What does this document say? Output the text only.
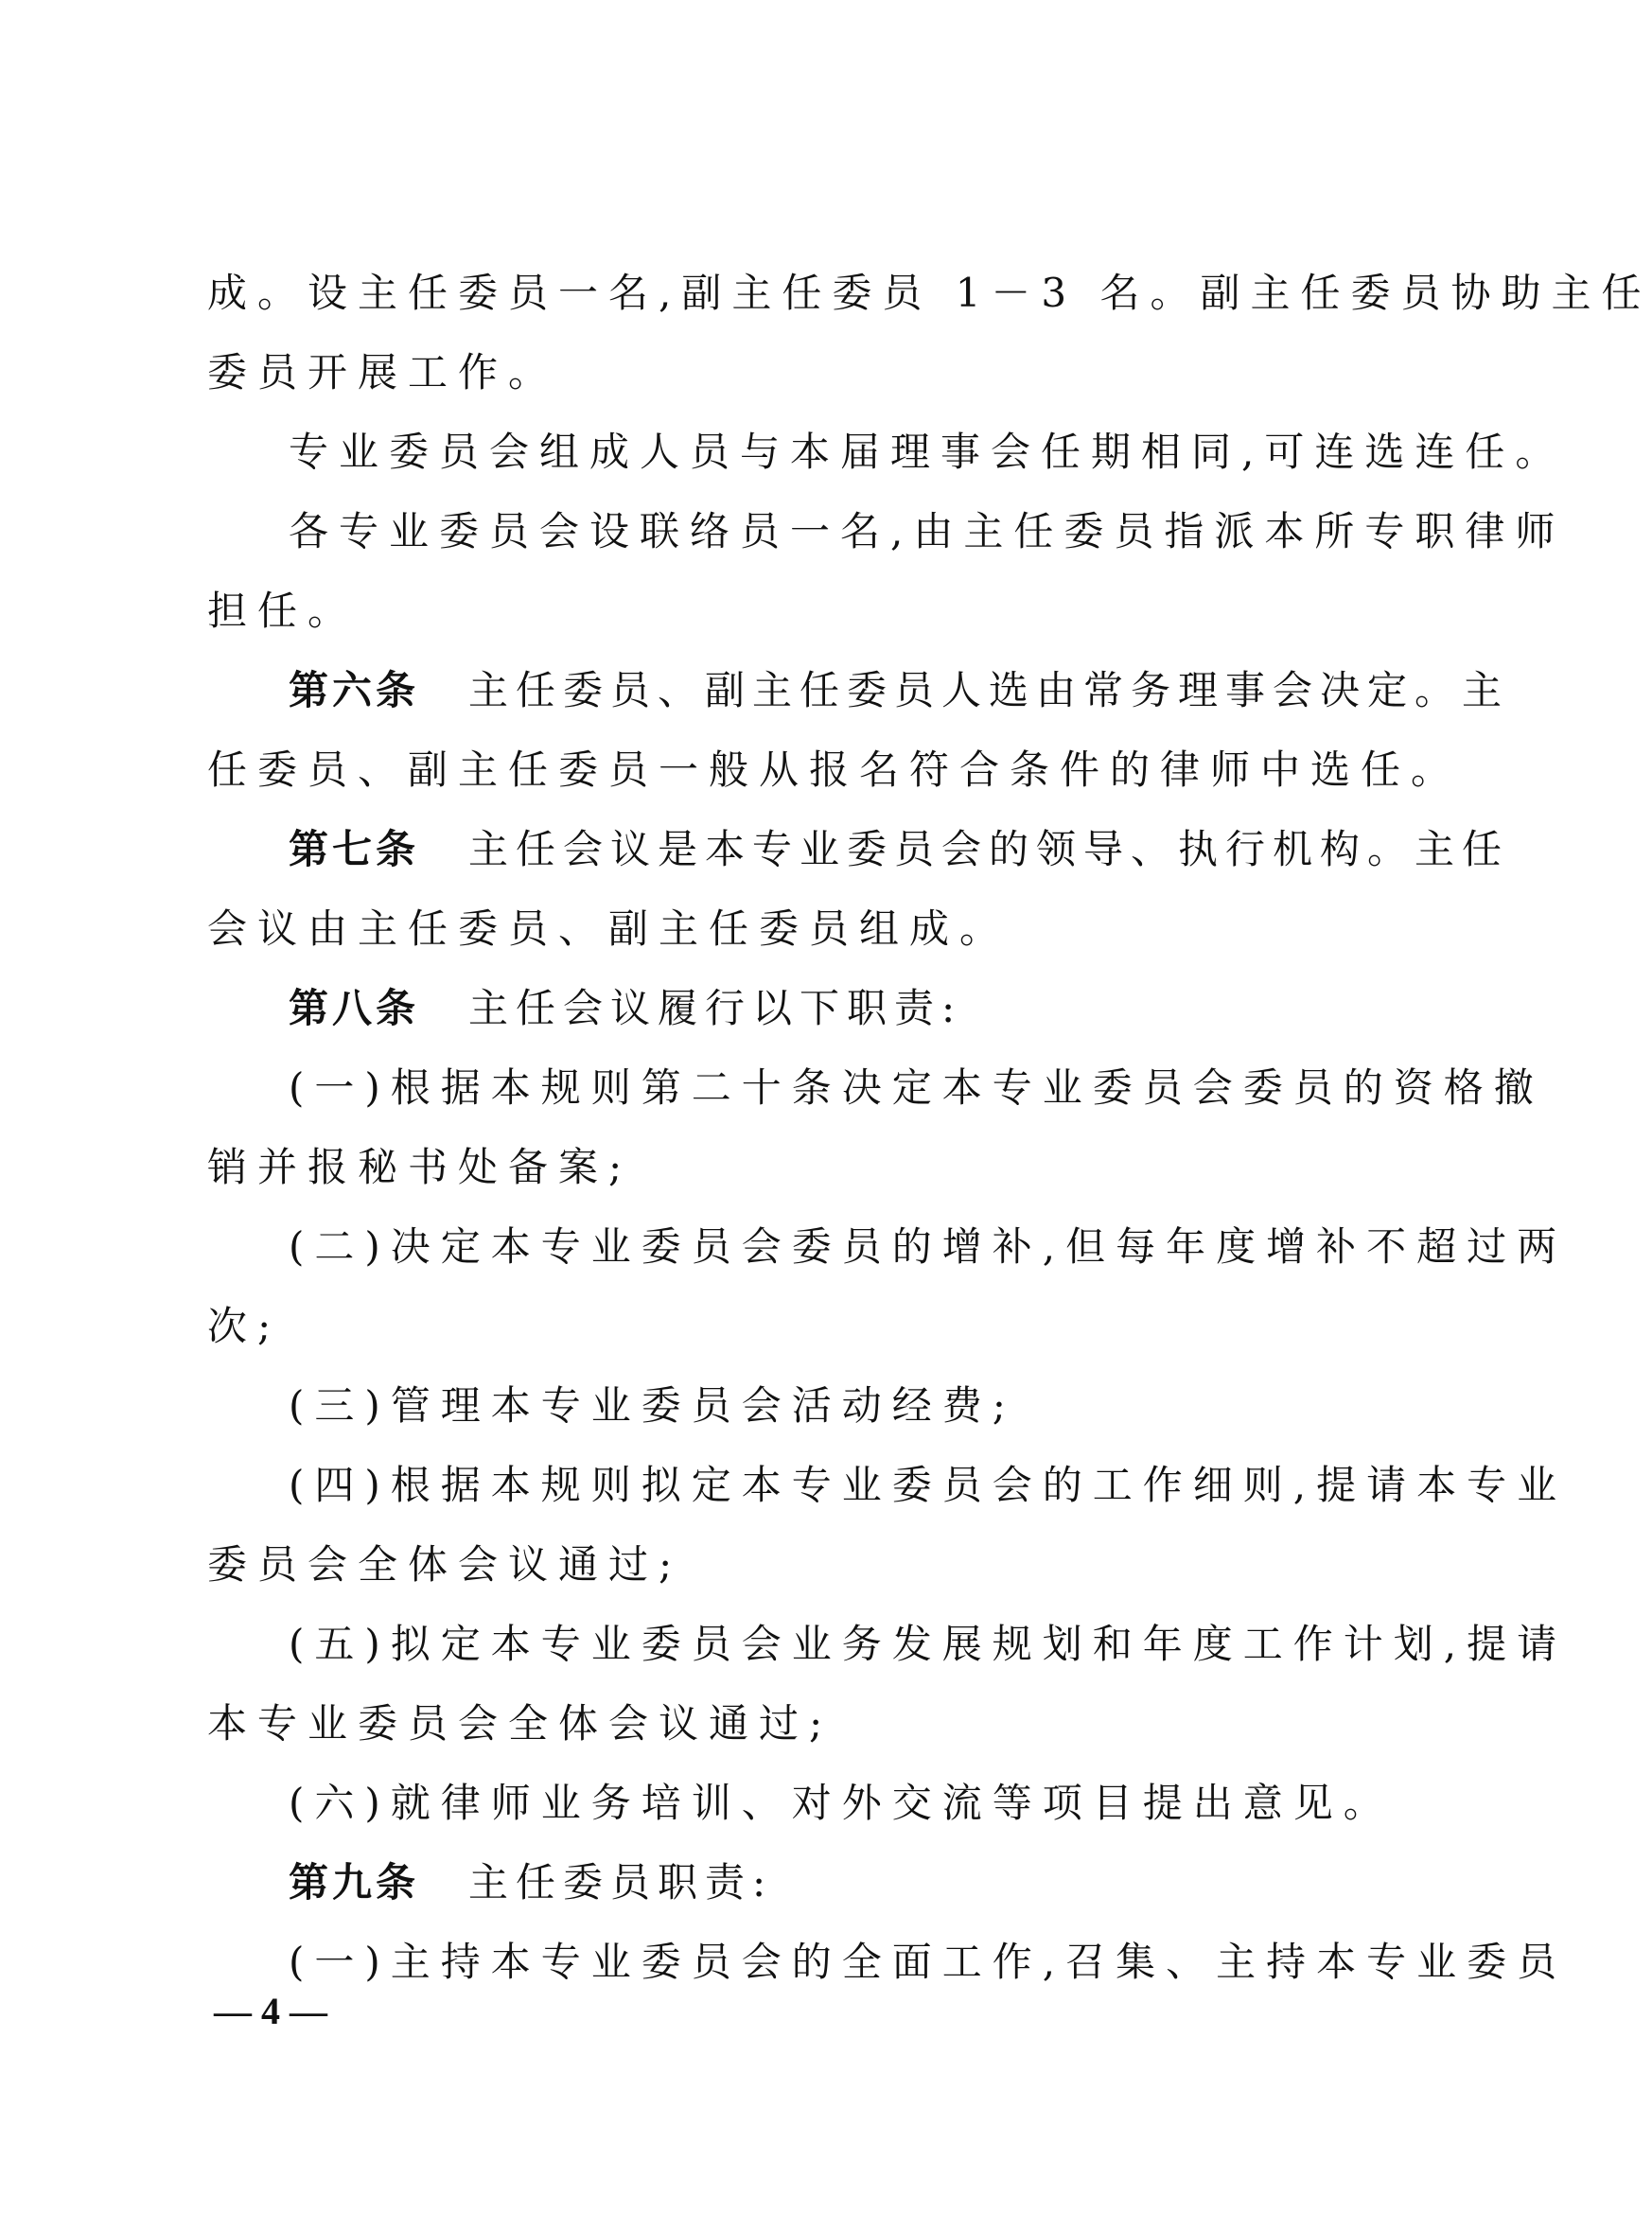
成。设主任委员一名,副主任委员 1－3 名。副主任委员协助主任
委员开展工作。
专业委员会组成人员与本届理事会任期相同,可连选连任。
各专业委员会设联络员一名,由主任委员指派本所专职律师
担任。
第六条 主任委员、副主任委员人选由常务理事会决定。主
任委员、副主任委员一般从报名符合条件的律师中选任。
第七条 主任会议是本专业委员会的领导、执行机构。主任
会议由主任委员、副主任委员组成。
第八条 主任会议履行以下职责:
(一)根据本规则第二十条决定本专业委员会委员的资格撤
销并报秘书处备案;
(二)决定本专业委员会委员的增补,但每年度增补不超过两
次;
(三)管理本专业委员会活动经费;
(四)根据本规则拟定本专业委员会的工作细则,提请本专业
委员会全体会议通过;
(五)拟定本专业委员会业务发展规划和年度工作计划,提请
本专业委员会全体会议通过;
(六)就律师业务培训、对外交流等项目提出意见。
第九条 主任委员职责:
(一)主持本专业委员会的全面工作,召集、主持本专业委员
— 4 —
